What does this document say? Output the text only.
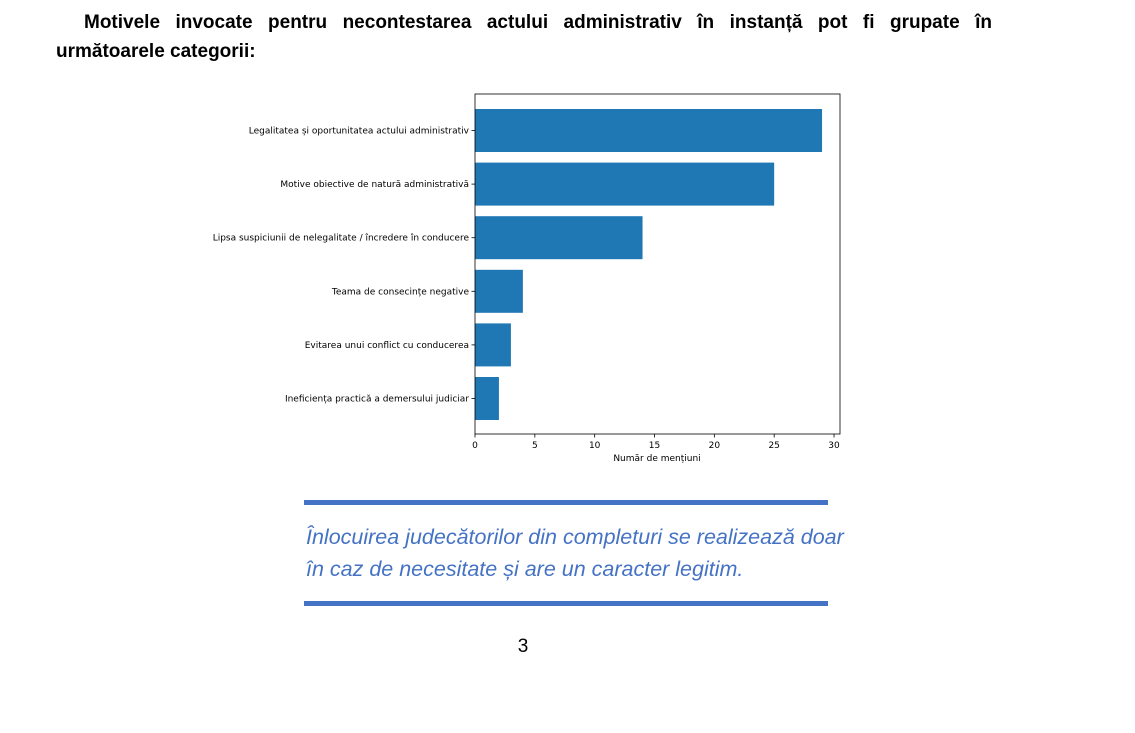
Motivele invocate pentru necontestarea actului administrativ în instanță pot fi grupate în următoarele categorii:

Legalitatea și oportunitatea actului administrativ
Motive obiective de natură administrativă
Lipsa suspiciunii de nelegalitate / încredere în conducere
Teama de consecințe negative
Evitarea unui conflict cu conducerea
Ineficiența practică a demersului judiciar
0	5	10	15	20	25	30
Număr de mențiuni

Înlocuirea judecătorilor din completuri se realizează doar în caz de necesitate și are un caracter legitim.

3
